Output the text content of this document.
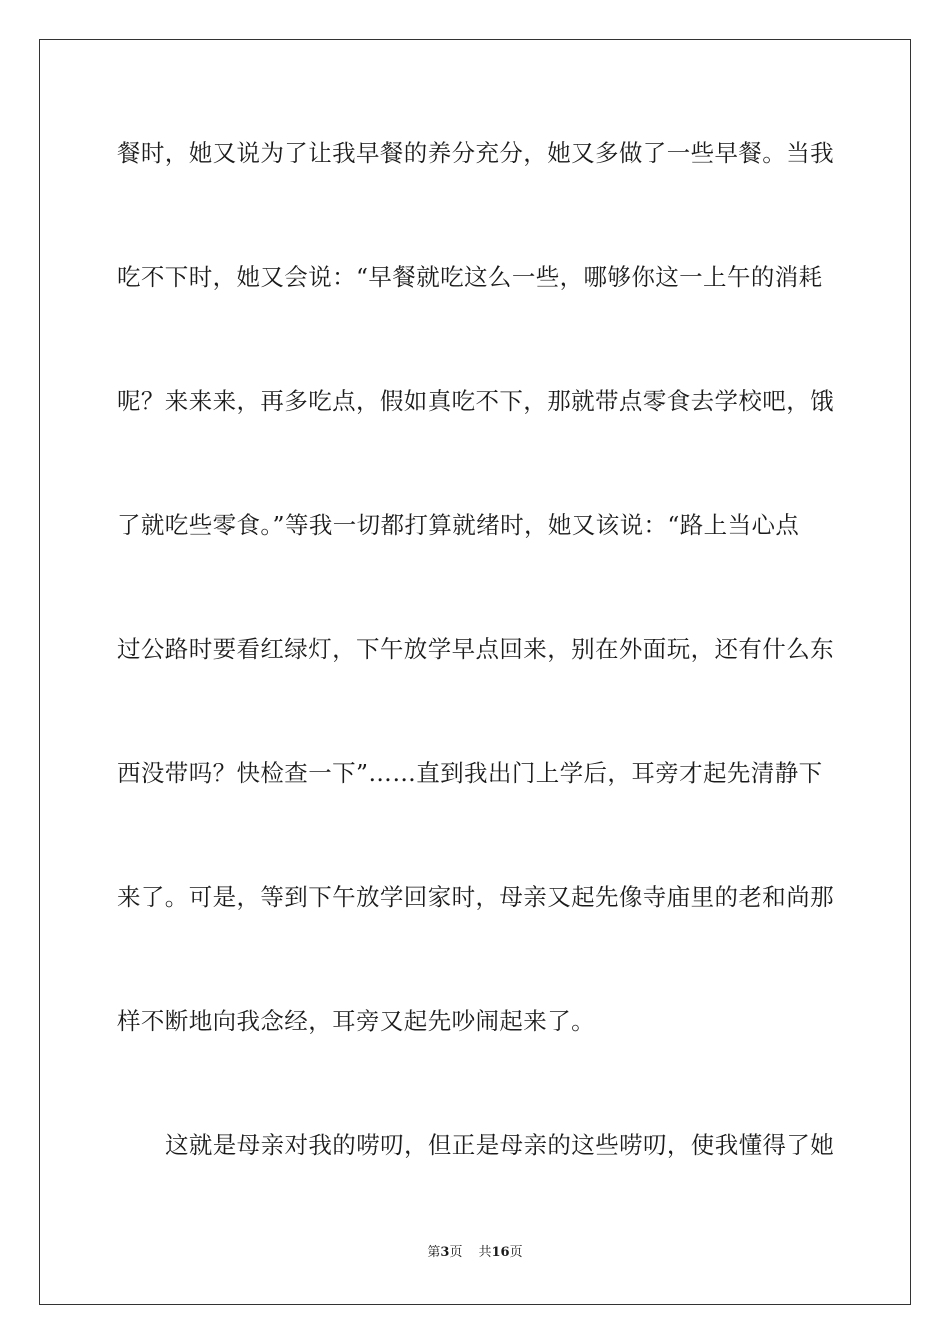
餐时，她又说为了让我早餐的养分充分，她又多做了一些早餐。当我
吃不下时，她又会说：“早餐就吃这么一些，哪够你这一上午的消耗
呢？来来来，再多吃点，假如真吃不下，那就带点零食去学校吧，饿
了就吃些零食。”等我一切都打算就绪时，她又该说：“路上当心点
过公路时要看红绿灯，下午放学早点回来，别在外面玩，还有什么东
西没带吗？快检查一下”……直到我出门上学后，耳旁才起先清静下
来了。可是，等到下午放学回家时，母亲又起先像寺庙里的老和尚那
样不断地向我念经，耳旁又起先吵闹起来了。
这就是母亲对我的唠叨，但正是母亲的这些唠叨，使我懂得了她
第3页 共16页
